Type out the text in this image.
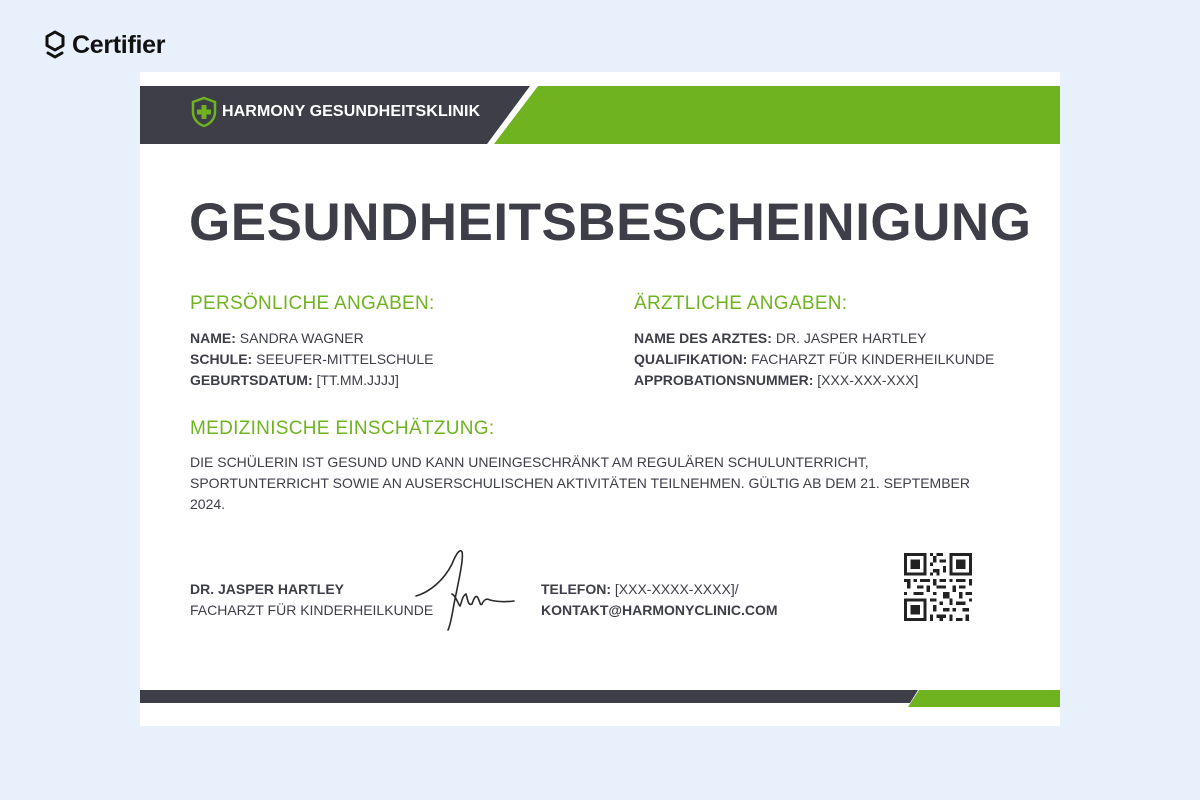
Certifier
HARMONY GESUNDHEITSKLINIK
GESUNDHEITSBESCHEINIGUNG
PERSÖNLICHE ANGABEN:
NAME: SANDRA WAGNER
SCHULE: SEEUFER-MITTELSCHULE
GEBURTSDATUM: [TT.MM.JJJJ]
ÄRZTLICHE ANGABEN:
NAME DES ARZTES: DR. JASPER HARTLEY
QUALIFIKATION: FACHARZT FÜR KINDERHEILKUNDE
APPROBATIONSNUMMER: [XXX-XXX-XXX]
MEDIZINISCHE EINSCHÄTZUNG:

DIE SCHÜLERIN IST GESUND UND KANN UNEINGESCHRÄNKT AM REGULÄREN SCHULUNTERRICHT, SPORTUNTERRICHT SOWIE AN AUSERSCHULISCHEN AKTIVITÄTEN TEILNEHMEN. GÜLTIG AB DEM 21. SEPTEMBER 2024.

DR. JASPER HARTLEY
FACHARZT FÜR KINDERHEILKUNDE
TELEFON: [XXX-XXXX-XXXX]/
KONTAKT@HARMONYCLINIC.COM
